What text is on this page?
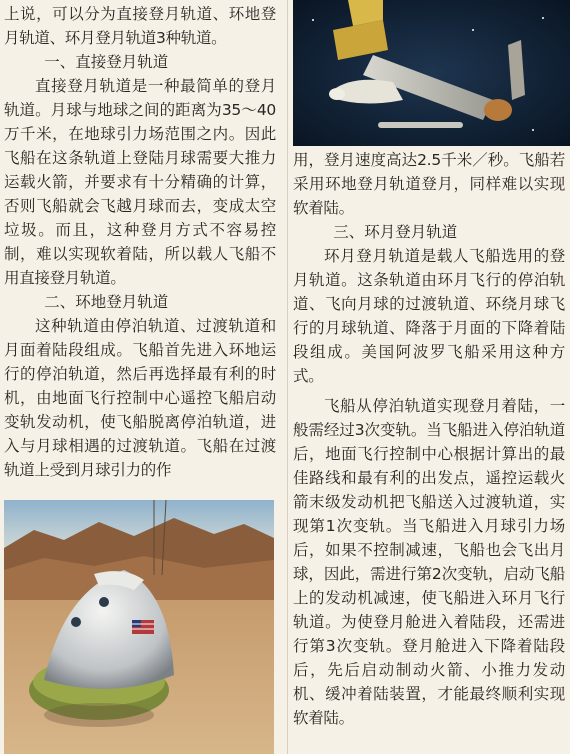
上说，可以分为直接登月轨道、环地登月轨道、环月登月轨道3种轨道。

一、直接登月轨道

直接登月轨道是一种最简单的登月轨道。月球与地球之间的距离为35～40万千米，在地球引力场范围之内。因此飞船在这条轨道上登陆月球需要大推力运载火箭，并要求有十分精确的计算，否则飞船就会飞越月球而去，变成太空垃圾。而且，这种登月方式不容易控制，难以实现软着陆，所以载人飞船不用直接登月轨道。

二、环地登月轨道

这种轨道由停泊轨道、过渡轨道和月面着陆段组成。飞船首先进入环地运行的停泊轨道，然后再选择最有利的时机，由地面飞行控制中心遥控飞船启动变轨发动机，使飞船脱离停泊轨道，进入与月球相遇的过渡轨道。飞船在过渡轨道上受到月球引力的作

用，登月速度高达2.5千米／秒。飞船若采用环地登月轨道登月，同样难以实现软着陆。

三、环月登月轨道

环月登月轨道是载人飞船选用的登月轨道。这条轨道由环月飞行的停泊轨道、飞向月球的过渡轨道、环绕月球飞行的月球轨道、降落于月面的下降着陆段组成。美国阿波罗飞船采用这种方式。

飞船从停泊轨道实现登月着陆，一般需经过3次变轨。当飞船进入停泊轨道后，地面飞行控制中心根据计算出的最佳路线和最有利的出发点，遥控运载火箭末级发动机把飞船送入过渡轨道，实现第1次变轨。当飞船进入月球引力场后，如果不控制减速，飞船也会飞出月球，因此，需进行第2次变轨，启动飞船上的发动机减速，使飞船进入环月飞行轨道。为使登月舱进入着陆段，还需进行第3次变轨。登月舱进入下降着陆段后，先后启动制动火箭、小推力发动机、缓冲着陆装置，才能最终顺利实现软着陆。
